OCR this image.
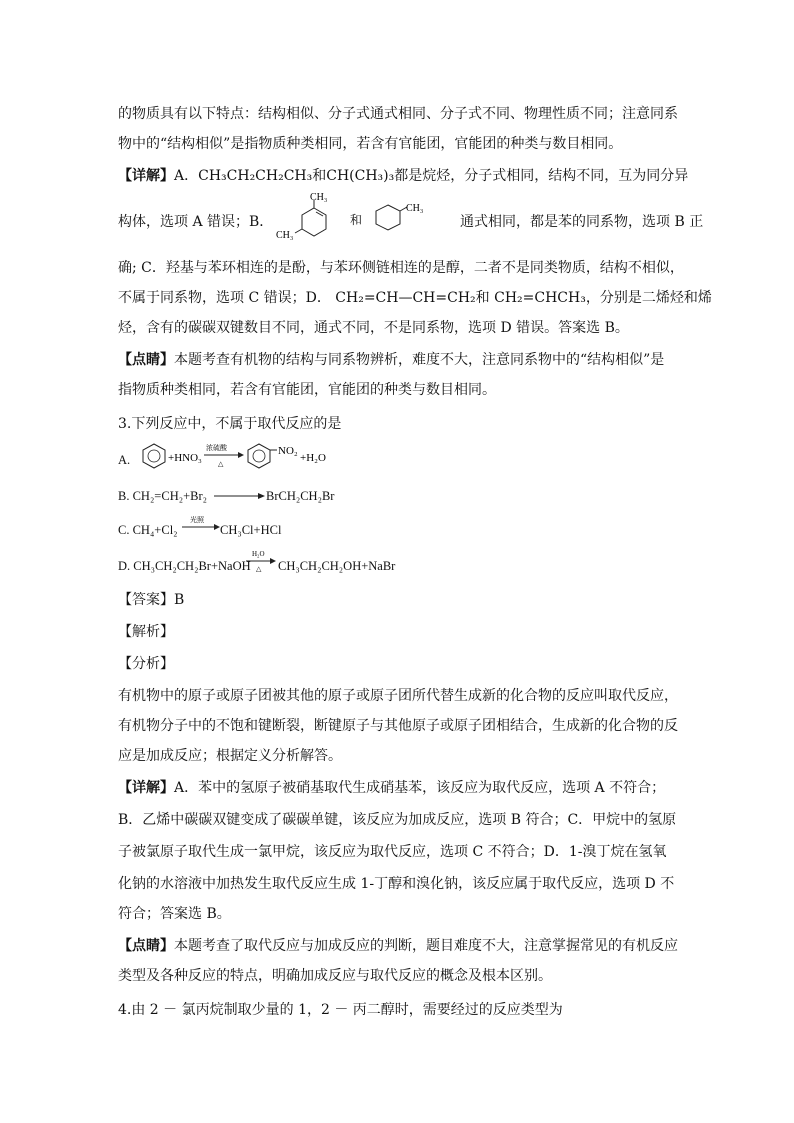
的物质具有以下特点：结构相似、分子式通式相同、分子式不同、物理性质不同；注意同系
物中的“结构相似”是指物质种类相同，若含有官能团，官能团的种类与数目相同。
【详解】A．CH₃CH₂CH₂CH₃和CH(CH₃)₃都是烷烃，分子式相同，结构不同，互为同分异
构体，选项 A 错误；B．
CH₃
CH₃
和
CH₃
通式相同，都是苯的同系物，选项 B 正
确; C．羟基与苯环相连的是酚，与苯环侧链相连的是醇，二者不是同类物质，结构不相似，
不属于同系物，选项 C 错误；D． CH₂=CH—CH=CH₂和 CH₂=CHCH₃，分别是二烯烃和烯
烃，含有的碳碳双键数目不同，通式不同，不是同系物，选项 D 错误。答案选 B。
【点睛】本题考查有机物的结构与同系物辨析，难度不大，注意同系物中的“结构相似”是
指物质种类相同，若含有官能团，官能团的种类与数目相同。
3.下列反应中，不属于取代反应的是
A.	+HNO₃
浓硫酸
△
NO₂
+H₂O
B. CH₂=CH₂+Br₂	BrCH₂CH₂Br
C. CH₄+Cl₂
光照
CH₃Cl+HCl
D. CH₃CH₂CH₂Br+NaOH
H₂O
△ CH₃CH₂CH₂OH+NaBr
【答案】B
【解析】
【分析】
有机物中的原子或原子团被其他的原子或原子团所代替生成新的化合物的反应叫取代反应，
有机物分子中的不饱和键断裂，断键原子与其他原子或原子团相结合，生成新的化合物的反
应是加成反应；根据定义分析解答。
【详解】A．苯中的氢原子被硝基取代生成硝基苯，该反应为取代反应，选项 A 不符合；
B．乙烯中碳碳双键变成了碳碳单键，该反应为加成反应，选项 B 符合；C．甲烷中的氢原
子被氯原子取代生成一氯甲烷，该反应为取代反应，选项 C 不符合；D．1-溴丁烷在氢氧
化钠的水溶液中加热发生取代反应生成 1-丁醇和溴化钠，该反应属于取代反应，选项 D 不
符合；答案选 B。
【点睛】本题考查了取代反应与加成反应的判断，题目难度不大，注意掌握常见的有机反应
类型及各种反应的特点，明确加成反应与取代反应的概念及根本区别。
4.由 2 － 氯丙烷制取少量的 1，2 － 丙二醇时，需要经过的反应类型为
